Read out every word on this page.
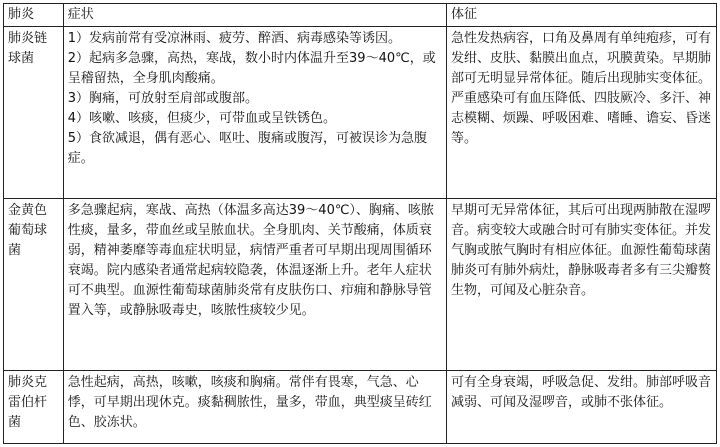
肺炎	症状	体征
肺炎链球菌	1）发病前常有受凉淋雨、疲劳、醉酒、病毒感染等诱因。
2）起病多急骤，高热，寒战，数小时内体温升至39～40℃，或呈稽留热，全身肌肉酸痛。
3）胸痛，可放射至肩部或腹部。
4）咳嗽、咳痰，但痰少，可带血或呈铁锈色。
5）食欲减退，偶有恶心、呕吐、腹痛或腹泻，可被误诊为急腹症。	急性发热病容，口角及鼻周有单纯疱疹，可有发绀、皮肤、黏膜出血点，巩膜黄染。早期肺部可无明显异常体征。随后出现肺实变体征。严重感染可有血压降低、四肢厥冷、多汗、神志模糊、烦躁、呼吸困难、嗜睡、谵妄、昏迷等。
金黄色葡萄球菌	多急骤起病，寒战、高热（体温多高达39～40℃）、胸痛、咳脓性痰，量多，带血丝或呈脓血状。全身肌肉、关节酸痛，体质衰弱，精神萎靡等毒血症状明显，病情严重者可早期出现周围循环衰竭。院内感染者通常起病较隐袭，体温逐渐上升。老年人症状可不典型。血源性葡萄球菌肺炎常有皮肤伤口、疖痈和静脉导管置入等，或静脉吸毒史，咳脓性痰较少见。	早期可无异常体征，其后可出现两肺散在湿啰音。病变较大或融合时可有肺实变体征。并发气胸或脓气胸时有相应体征。血源性葡萄球菌肺炎可有肺外病灶，静脉吸毒者多有三尖瓣赘生物，可闻及心脏杂音。
肺炎克雷伯杆菌	急性起病，高热，咳嗽，咳痰和胸痛。常伴有畏寒，气急、心悸，可早期出现休克。痰黏稠脓性，量多，带血，典型痰呈砖红色、胶冻状。	可有全身衰竭，呼吸急促、发绀。肺部呼吸音减弱、可闻及湿啰音，或肺不张体征。
